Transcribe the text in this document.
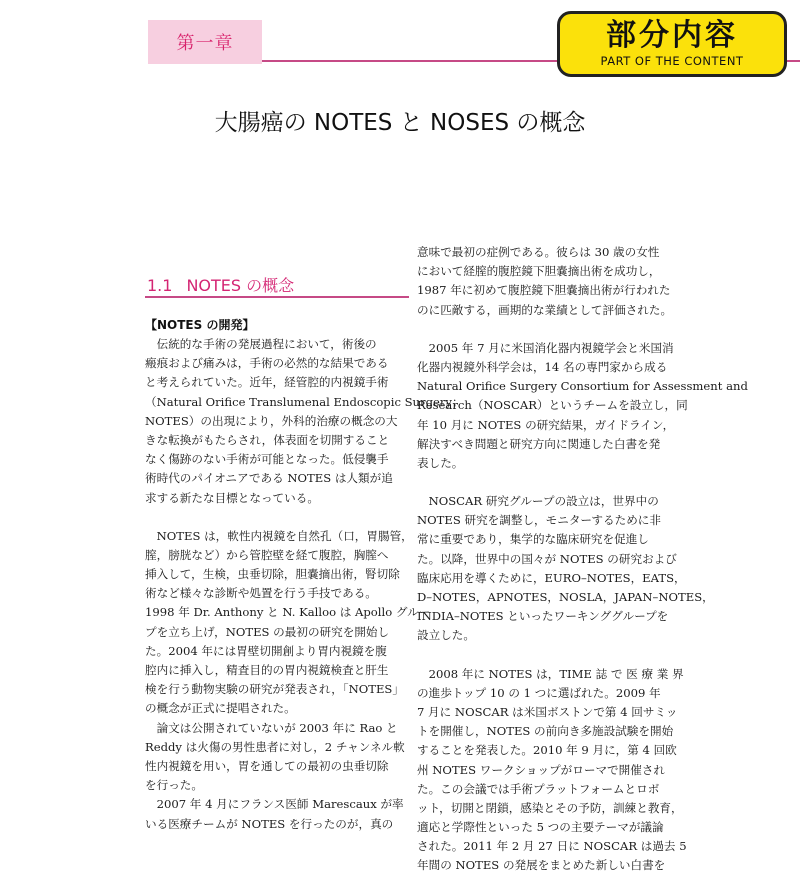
第一章	部分内容
PART OF THE CONTENT
大腸癌の NOTES と NOSES の概念
1.1 NOTES の概念
【NOTES の開発】
　伝統的な手術の発展過程において，術後の
瘢痕および痛みは，手術の必然的な結果である
と考えられていた。近年，経管腔的内視鏡手術
（Natural Orifice Translumenal Endoscopic Surgery；
NOTES）の出現により，外科的治療の概念の大
きな転換がもたらされ，体表面を切開すること
なく傷跡のない手術が可能となった。低侵襲手
術時代のパイオニアである NOTES は人類が追
求する新たな目標となっている。
　NOTES は，軟性内視鏡を自然孔（口，胃腸管，
膣，膀胱など）から管腔壁を経て腹腔，胸膣へ
挿入して，生検，虫垂切除，胆嚢摘出術，腎切除
術など様々な診断や処置を行う手技である。
1998 年 Dr. Anthony と N. Kalloo は Apollo グルー
プを立ち上げ，NOTES の最初の研究を開始し
た。2004 年には胃壁切開創より胃内視鏡を腹
腔内に挿入し，精査目的の胃内視鏡検査と肝生
検を行う動物実験の研究が発表され，「NOTES」
の概念が正式に提唱された。
　論文は公開されていないが 2003 年に Rao と
Reddy は火傷の男性患者に対し，2 チャンネル軟
性内視鏡を用い，胃を通しての最初の虫垂切除
を行った。
　2007 年 4 月にフランス医師 Marescaux が率
いる医療チームが NOTES を行ったのが，真の
意味で最初の症例である。彼らは 30 歳の女性
において経膣的腹腔鏡下胆嚢摘出術を成功し，
1987 年に初めて腹腔鏡下胆嚢摘出術が行われた
のに匹敵する，画期的な業績として評価された。
　2005 年 7 月に米国消化器内視鏡学会と米国消
化器内視鏡外科学会は，14 名の専門家から成る
Natural Orifice Surgery Consortium for Assessment and
Research（NOSCAR）というチームを設立し，同
年 10 月に NOTES の研究結果，ガイドライン，
解決すべき問題と研究方向に関連した白書を発
表した。
　NOSCAR 研究グループの設立は，世界中の
NOTES 研究を調整し，モニターするために非
常に重要であり，集学的な臨床研究を促進し
た。以降，世界中の国々が NOTES の研究および
臨床応用を導くために，EURO–NOTES，EATS，
D–NOTES，APNOTES，NOSLA，JAPAN–NOTES，
INDIA–NOTES といったワーキンググループを
設立した。
　2008 年に NOTES は，TIME 誌 で 医 療 業 界
の進歩トップ 10 の 1 つに選ばれた。2009 年
7 月に NOSCAR は米国ボストンで第 4 回サミッ
トを開催し，NOTES の前向き多施設試験を開始
することを発表した。2010 年 9 月に，第 4 回欧
州 NOTES ワークショップがローマで開催され
た。この会議では手術プラットフォームとロボ
ット，切開と閉鎖，感染とその予防，訓練と教育，
適応と学際性といった 5 つの主要テーマが議論
された。2011 年 2 月 27 日に NOSCAR は過去 5
年間の NOTES の発展をまとめた新しい白書を
